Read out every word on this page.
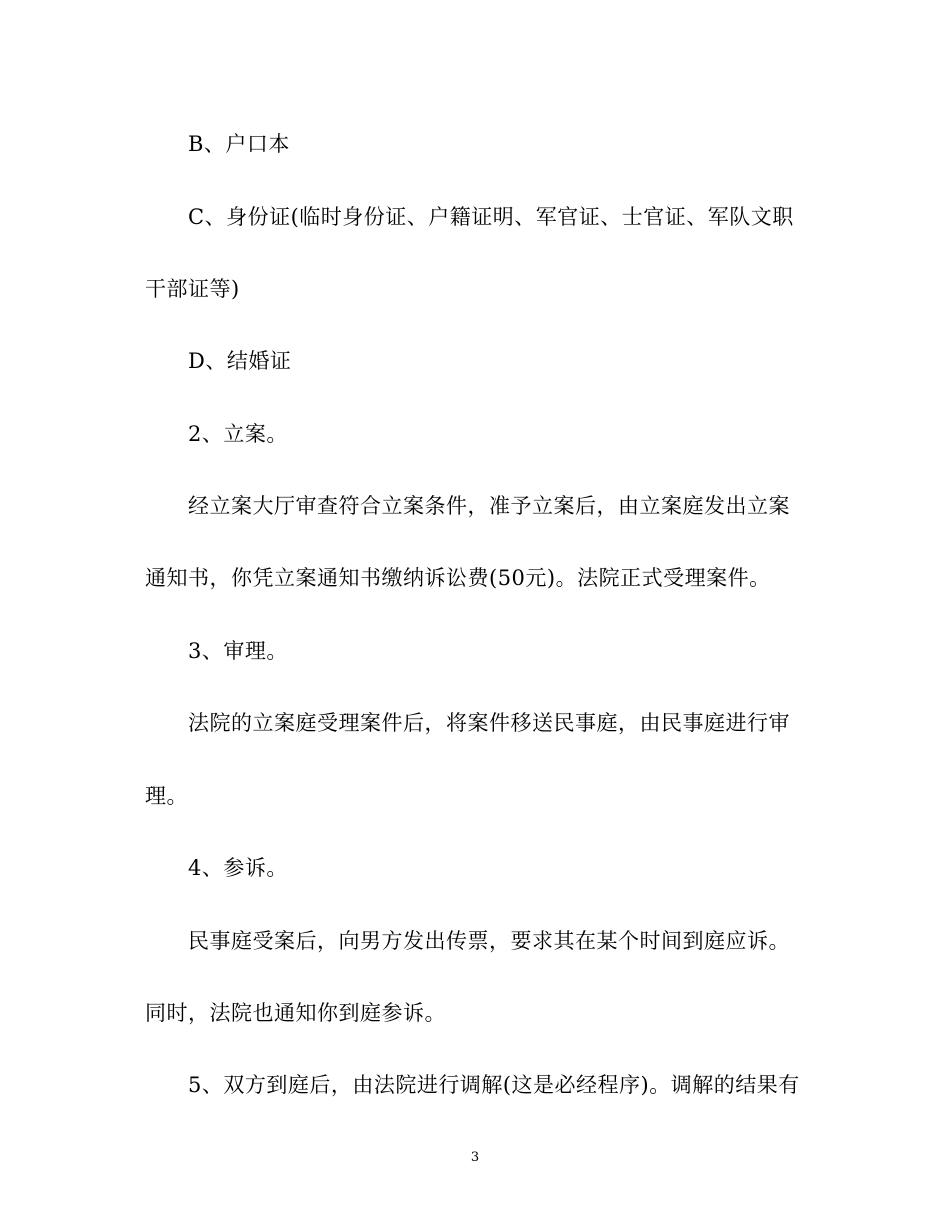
B、户口本
C、身份证(临时身份证、户籍证明、军官证、士官证、军队文职
干部证等)
D、结婚证
2、立案。
经立案大厅审查符合立案条件，准予立案后，由立案庭发出立案
通知书，你凭立案通知书缴纳诉讼费(50元)。法院正式受理案件。
3、审理。
法院的立案庭受理案件后，将案件移送民事庭，由民事庭进行审
理。
4、参诉。
民事庭受案后，向男方发出传票，要求其在某个时间到庭应诉。
同时，法院也通知你到庭参诉。
5、双方到庭后，由法院进行调解(这是必经程序)。调解的结果有
3
